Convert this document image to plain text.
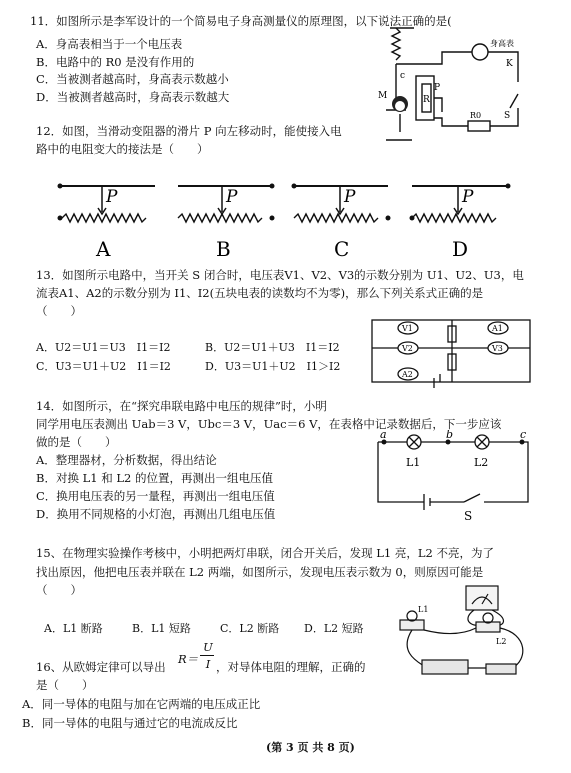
11．如图所示是李军设计的一个简易电子身高测量仪的原理图，以下说法正确的是(
A．身高表相当于一个电压表
B．电路中的 R0 是没有作用的
C．当被测者越高时，身高表示数越小
D．当被测者越高时，身高表示数越大	M
c
P
R
身高表
K
S
R0
12．如图，当滑动变阻器的滑片 P 向左移动时，能使接入电
路中的电阻变大的接法是（　　）
P	P	P	P
A	B	C	D
13．如图所示电路中，当开关 S 闭合时，电压表V1、V2、V3的示数分别为 U1、U2、U3，电
流表A1、A2的示数分别为 I1、I2(五块电表的读数均不为零)，那么下列关系式正确的是
（　　）
A．U2＝U1＝U3　I1＝I2	B．U2＝U1＋U3　I1＝I2
C．U3＝U1＋U2　I1＝I2	D．U3＝U1＋U2　I1＞I2
V1	A1
V2	V3
A2
14．如图所示，在“探究串联电路中电压的规律”时，小明
同学用电压表测出 Uab＝3 V，Ubc＝3 V，Uac＝6 V，在表格中记录数据后，下一步应该
做的是（　　）
A．整理器材，分析数据，得出结论
B．对换 L1 和 L2 的位置，再测出一组电压值
C．换用电压表的另一量程，再测出一组电压值
D．换用不同规格的小灯泡，再测出几组电压值
a	b	c
L1	L2
S
15、在物理实验操作考核中，小明把两灯串联，闭合开关后，发现 L1 亮，L2 不亮，为了
找出原因，他把电压表并联在 L2 两端，如图所示，发现电压表示数为 0，则原因可能是
（　　）
A．L1 断路	B．L1 短路	C．L2 断路 D．L2 短路
L1
L2
16、从欧姆定律可以导出
R＝
U
I ，对导体电阻的理解，正确的
是（　　）
A．同一导体的电阻与加在它两端的电压成正比
B．同一导体的电阻与通过它的电流成反比
(第 3 页 共 8 页)
